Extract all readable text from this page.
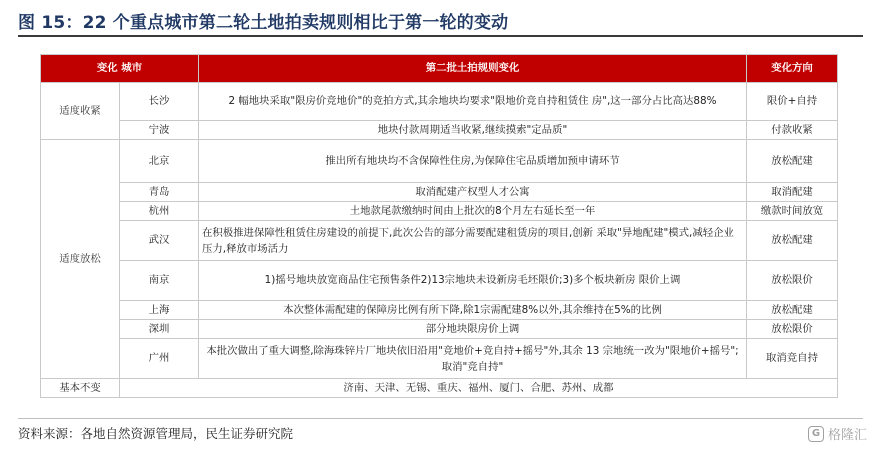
图 15：22 个重点城市第二轮土地拍卖规则相比于第一轮的变动
变化 城市		第二批土拍规则变化	变化方向
适度收紧	长沙	2 幅地块采取"限房价竞地价"的竞拍方式,其余地块均要求"限地价竞自持租赁住 房",这一部分占比高达88%	限价+自持
	宁波	地块付款周期适当收紧,继续摸索"定品质"	付款收紧
适度放松	北京	推出所有地块均不含保障性住房,为保障住宅品质增加预申请环节	放松配建
	青岛	取消配建产权型人才公寓	取消配建
	杭州	土地款尾款缴纳时间由上批次的8个月左右延长至一年	缴款时间放宽
	武汉	在积极推进保障性租赁住房建设的前提下,此次公告的部分需要配建租赁房的项目,创新 采取"异地配建"模式,减轻企业压力,释放市场活力	放松配建
	南京	1)摇号地块放宽商品住宅预售条件2)13宗地块未设新房毛坯限价;3)多个板块新房 限价上调	放松限价
	上海	本次整体需配建的保障房比例有所下降,除1宗需配建8%以外,其余维持在5%的比例	放松配建
	深圳	部分地块限房价上调	放松限价
	广州	本批次做出了重大调整,除海珠锌片厂地块依旧沿用"竞地价+竞自持+摇号"外,其余 13 宗地统一改为"限地价+摇号";取消"竞自持"	取消竞自持
基本不变	济南、天津、无锡、重庆、福州、厦门、合肥、苏州、成都		
资料来源：各地自然资源管理局，民生证券研究院	G 格隆汇
